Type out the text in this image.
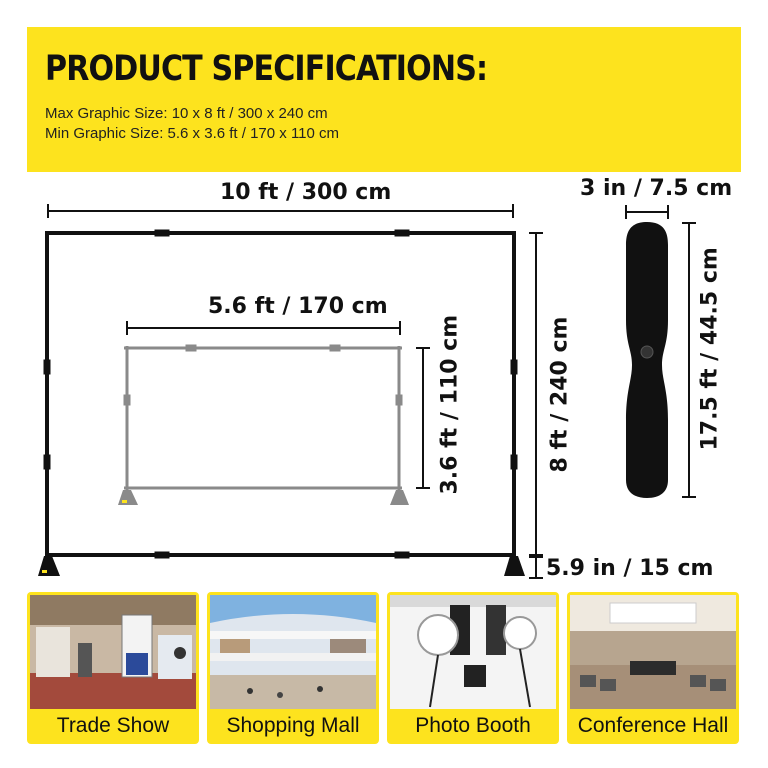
PRODUCT SPECIFICATIONS:
Max Graphic Size: 10 x 8 ft / 300 x 240 cm
Min Graphic Size: 5.6 x 3.6 ft / 170 x 110 cm
10 ft / 300 cm
5.6 ft / 170 cm
3 in / 7.5 cm
5.9 in / 15 cm
8 ft / 240 cm
3.6 ft / 110 cm	17.5 ft / 44.5 cm
Trade Show	Shopping Mall	Photo Booth	Conference Hall
